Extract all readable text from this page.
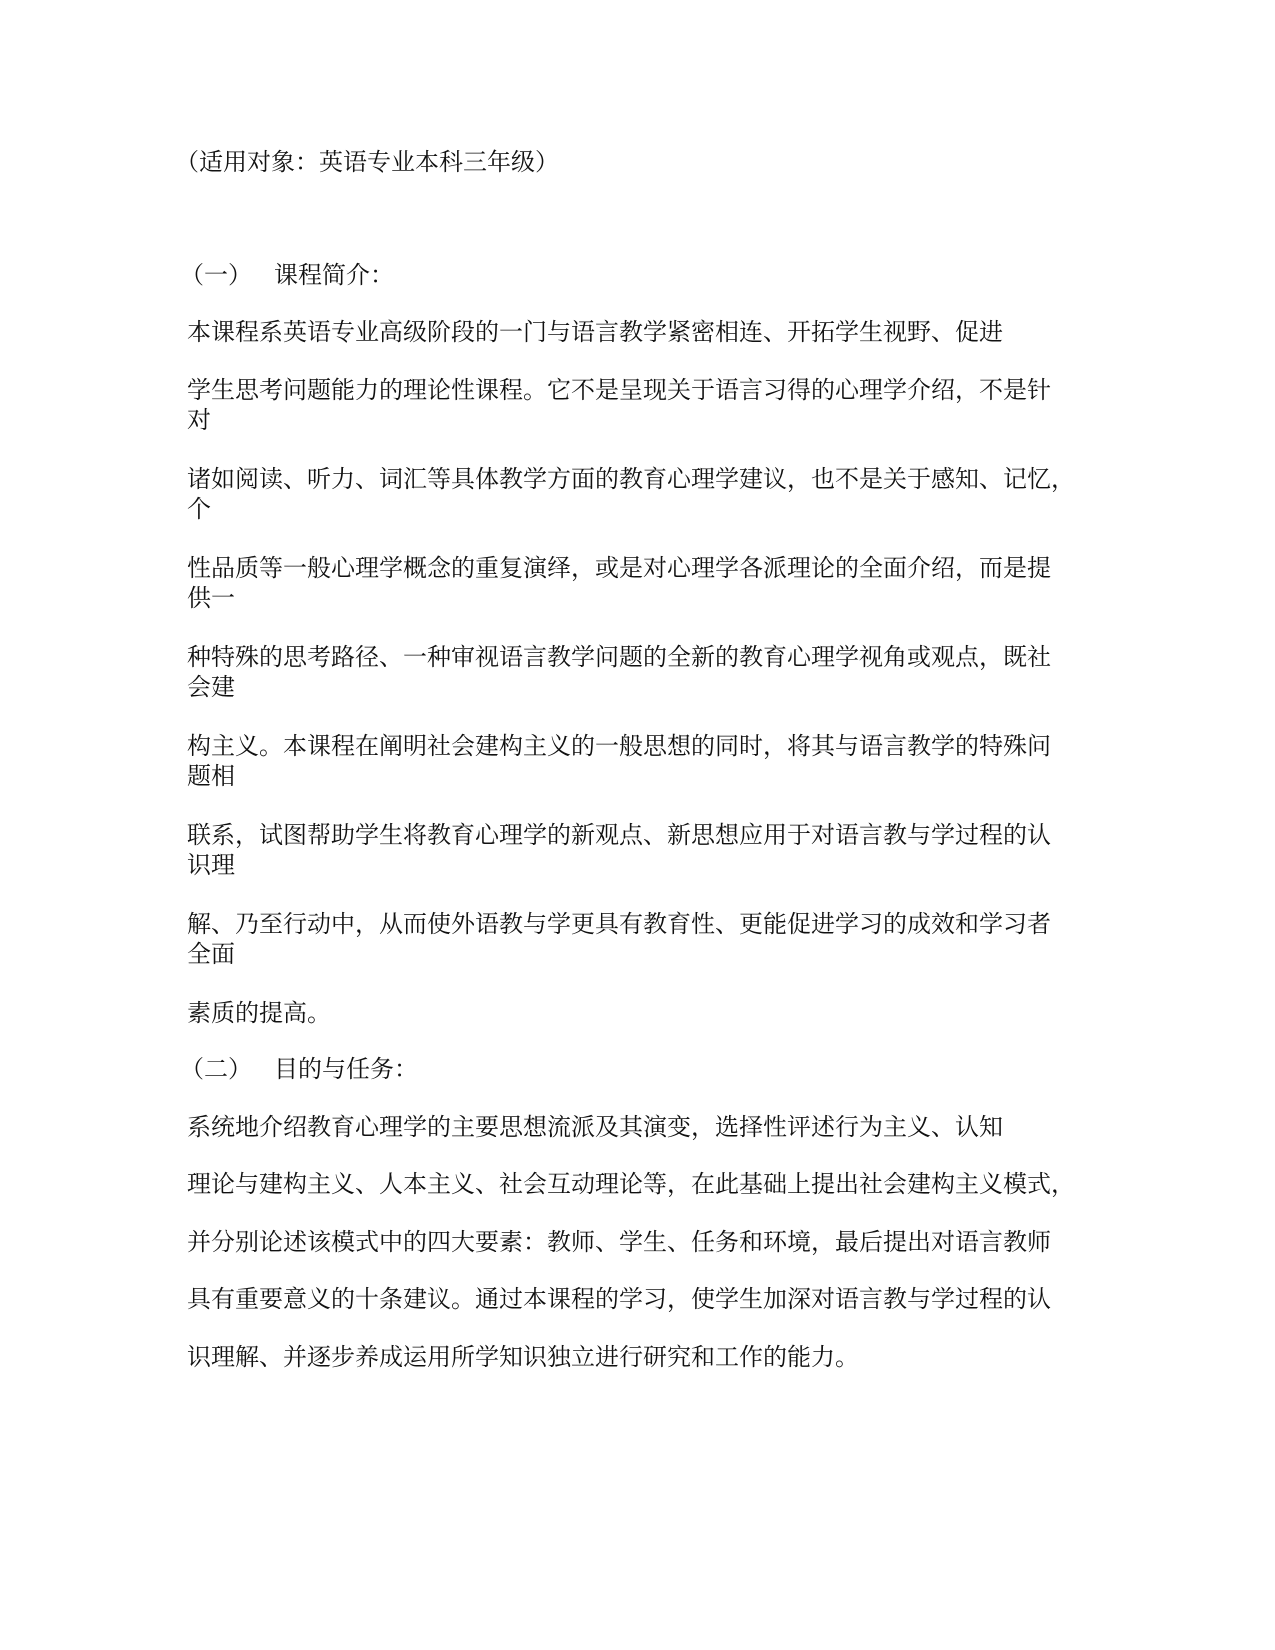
（适用对象：英语专业本科三年级）

（一） 课程简介：

本课程系英语专业高级阶段的一门与语言教学紧密相连、开拓学生视野、促进

学生思考问题能力的理论性课程。它不是呈现关于语言习得的心理学介绍，不是针

对

诸如阅读、听力、词汇等具体教学方面的教育心理学建议，也不是关于感知、记忆，

个

性品质等一般心理学概念的重复演绎，或是对心理学各派理论的全面介绍，而是提

供一

种特殊的思考路径、一种审视语言教学问题的全新的教育心理学视角或观点，既社

会建

构主义。本课程在阐明社会建构主义的一般思想的同时，将其与语言教学的特殊问

题相

联系，试图帮助学生将教育心理学的新观点、新思想应用于对语言教与学过程的认

识理

解、乃至行动中，从而使外语教与学更具有教育性、更能促进学习的成效和学习者

全面

素质的提高。

（二） 目的与任务：

系统地介绍教育心理学的主要思想流派及其演变，选择性评述行为主义、认知

理论与建构主义、人本主义、社会互动理论等，在此基础上提出社会建构主义模式，

并分别论述该模式中的四大要素：教师、学生、任务和环境，最后提出对语言教师

具有重要意义的十条建议。通过本课程的学习，使学生加深对语言教与学过程的认

识理解、并逐步养成运用所学知识独立进行研究和工作的能力。
